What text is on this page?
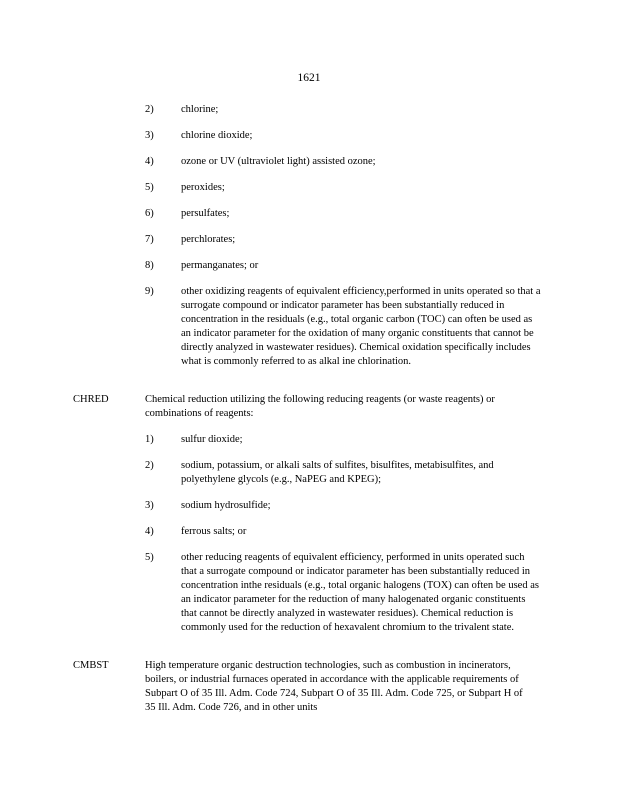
1621
2)	chlorine;
3)	chlorine dioxide;
4)	ozone or UV (ultraviolet light) assisted ozone;
5)	peroxides;
6)	persulfates;
7)	perchlorates;
8)	permanganates; or
9)	other oxidizing reagents of equivalent efficiency,performed in units operated so that a surrogate compound or indicator parameter has been substantially reduced in concentration in the residuals (e.g., total organic carbon (TOC) can often be used as an indicator parameter for the oxidation of many organic constituents that cannot be directly analyzed in wastewater residues). Chemical oxidation specifically includes what is commonly referred to as alkal ine chlorination.
CHRED	Chemical reduction utilizing the following reducing reagents (or waste reagents) or combinations of reagents:
1)	sulfur dioxide;
2)	sodium, potassium, or alkali salts of sulfites, bisulfites, metabisulfites, and polyethylene glycols (e.g., NaPEG and KPEG);
3)	sodium hydrosulfide;
4)	ferrous salts; or
5)	other reducing reagents of equivalent efficiency, performed in units operated such that a surrogate compound or indicator parameter has been substantially reduced in concentration inthe residuals (e.g., total organic halogens (TOX) can often be used as an indicator parameter for the reduction of many halogenated organic constituents that cannot be directly analyzed in wastewater residues). Chemical reduction is commonly used for the reduction of hexavalent chromium to the trivalent state.
CMBST	High temperature organic destruction technologies, such as combustion in incinerators, boilers, or industrial furnaces operated in accordance with the applicable requirements of Subpart O of 35 Ill. Adm. Code 724, Subpart O of 35 Ill. Adm. Code 725, or Subpart H of 35 Ill. Adm. Code 726, and in other units
